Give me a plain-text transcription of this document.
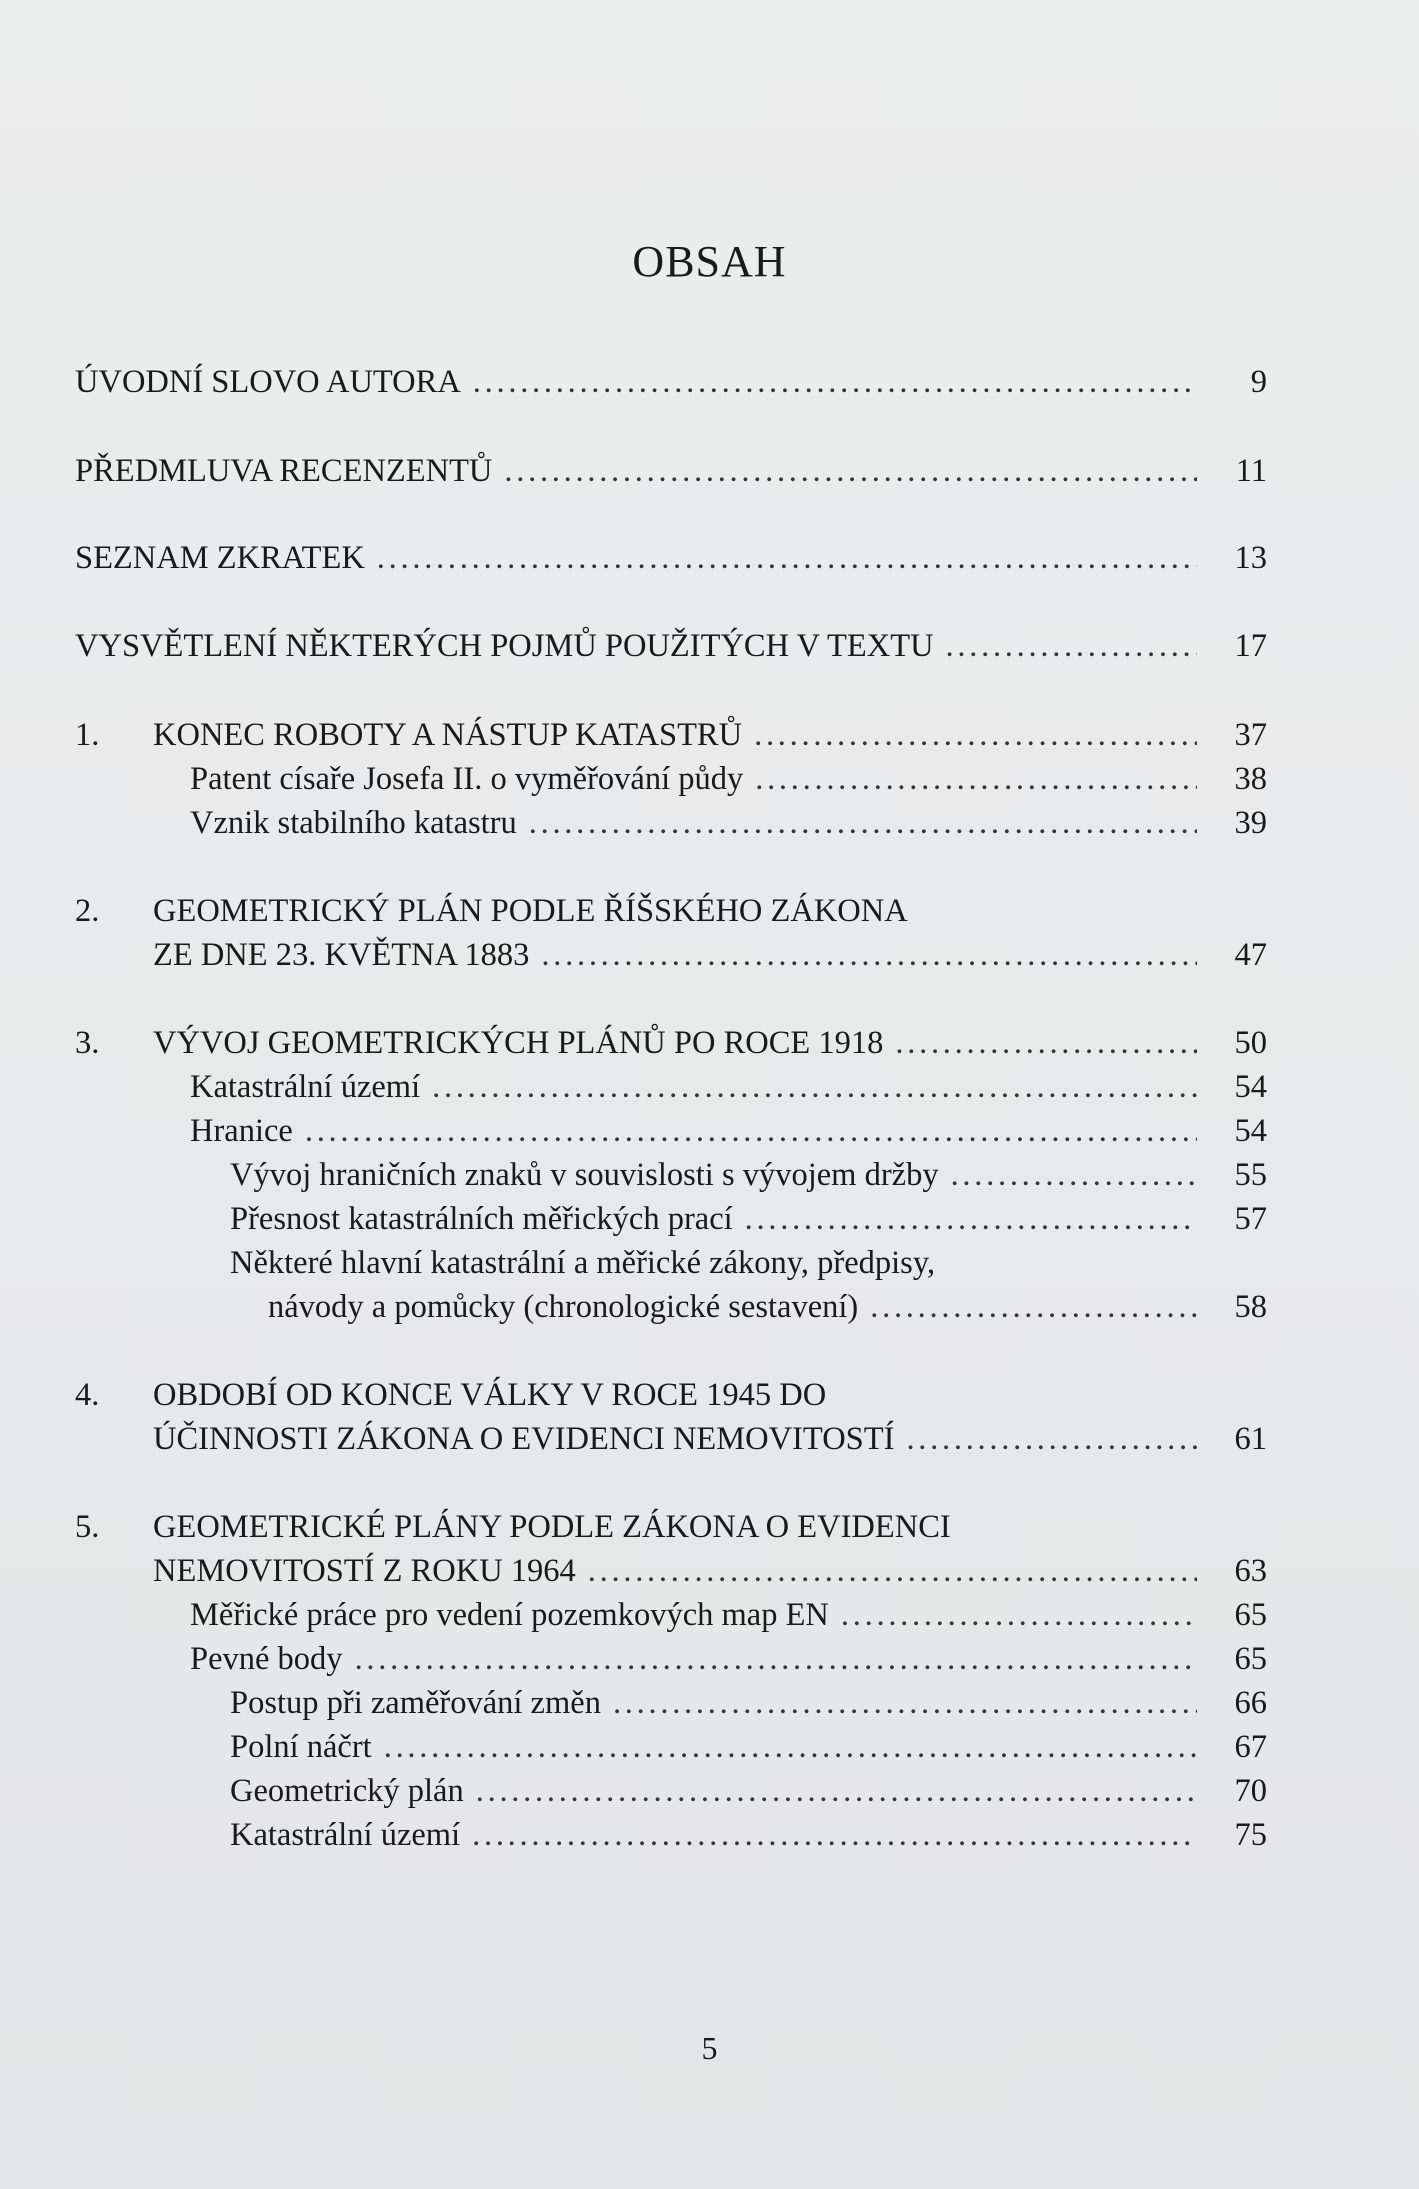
OBSAH
ÚVODNÍ SLOVO AUTORA . . .	9
PŘEDMLUVA RECENZENTŮ . . .	11
SEZNAM ZKRATEK . . .	13
VYSVĚTLENÍ NĚKTERÝCH POJMŮ POUŽITÝCH V TEXTU . . .	17
1. KONEC ROBOTY A NÁSTUP KATASTRŮ . . .	37
Patent císaře Josefa II. o vyměřování půdy . . .	38
Vznik stabilního katastru . . .	39
2. GEOMETRICKÝ PLÁN PODLE ŘÍŠSKÉHO ZÁKONA
ZE DNE 23. KVĚTNA 1883 . . .	47
3. VÝVOJ GEOMETRICKÝCH PLÁNŮ PO ROCE 1918 . . .	50
Katastrální území . . .	54
Hranice . . .	54
Vývoj hraničních znaků v souvislosti s vývojem držby . . .	55
Přesnost katastrálních měřických prací . . .	57
Některé hlavní katastrální a měřické zákony, předpisy,
návody a pomůcky (chronologické sestavení) . . .	58
4. OBDOBÍ OD KONCE VÁLKY V ROCE 1945 DO
ÚČINNOSTI ZÁKONA O EVIDENCI NEMOVITOSTÍ . . .	61
5. GEOMETRICKÉ PLÁNY PODLE ZÁKONA O EVIDENCI
NEMOVITOSTÍ Z ROKU 1964 . . .	63
Měřické práce pro vedení pozemkových map EN . . .	65
Pevné body . . .	65
Postup při zaměřování změn . . .	66
Polní náčrt . . .	67
Geometrický plán . . .	70
Katastrální území . . .	75
5
